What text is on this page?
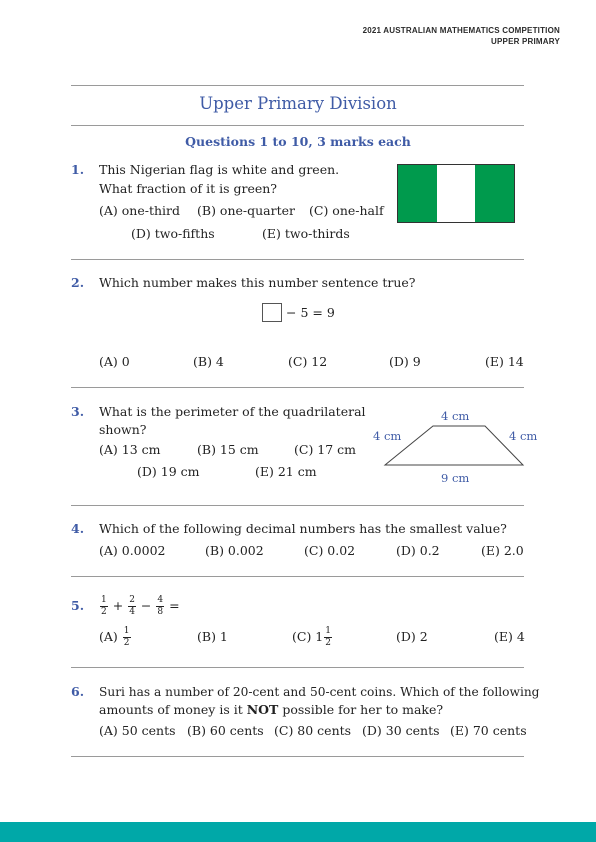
2021 AUSTRALIAN MATHEMATICS COMPETITION
UPPER PRIMARY
Upper Primary Division
Questions 1 to 10, 3 marks each
1. This Nigerian flag is white and green.
What fraction of it is green?
(A) one-third (B) one-quarter (C) one-half
(D) two-fifths	(E) two-thirds
2. Which number makes this number sentence true?
− 5 = 9
(A) 0	(B) 4	(C) 12	(D) 9	(E) 14
3. What is the perimeter of the quadrilateral
shown?
(A) 13 cm	(B) 15 cm	(C) 17 cm
(D) 19 cm	(E) 21 cm
4 cm
4 cm	4 cm
9 cm
4. Which of the following decimal numbers has the smallest value?
(A) 0.0002	(B) 0.002	(C) 0.02	(D) 0.2	(E) 2.0
5. $\frac{1}{2} + \frac{2}{4} - \frac{4}{8}$ =
$(A) \frac{1}{2}$	(B) 1	(C) $1 \frac{1}{2}$	(D) 2	(E) 4
6. Suri has a number of 20-cent and 50-cent coins. Which of the following
amounts of money is it NOT possible for her to make?
(A) 50 cents (B) 60 cents (C) 80 cents (D) 30 cents (E) 70 cents
